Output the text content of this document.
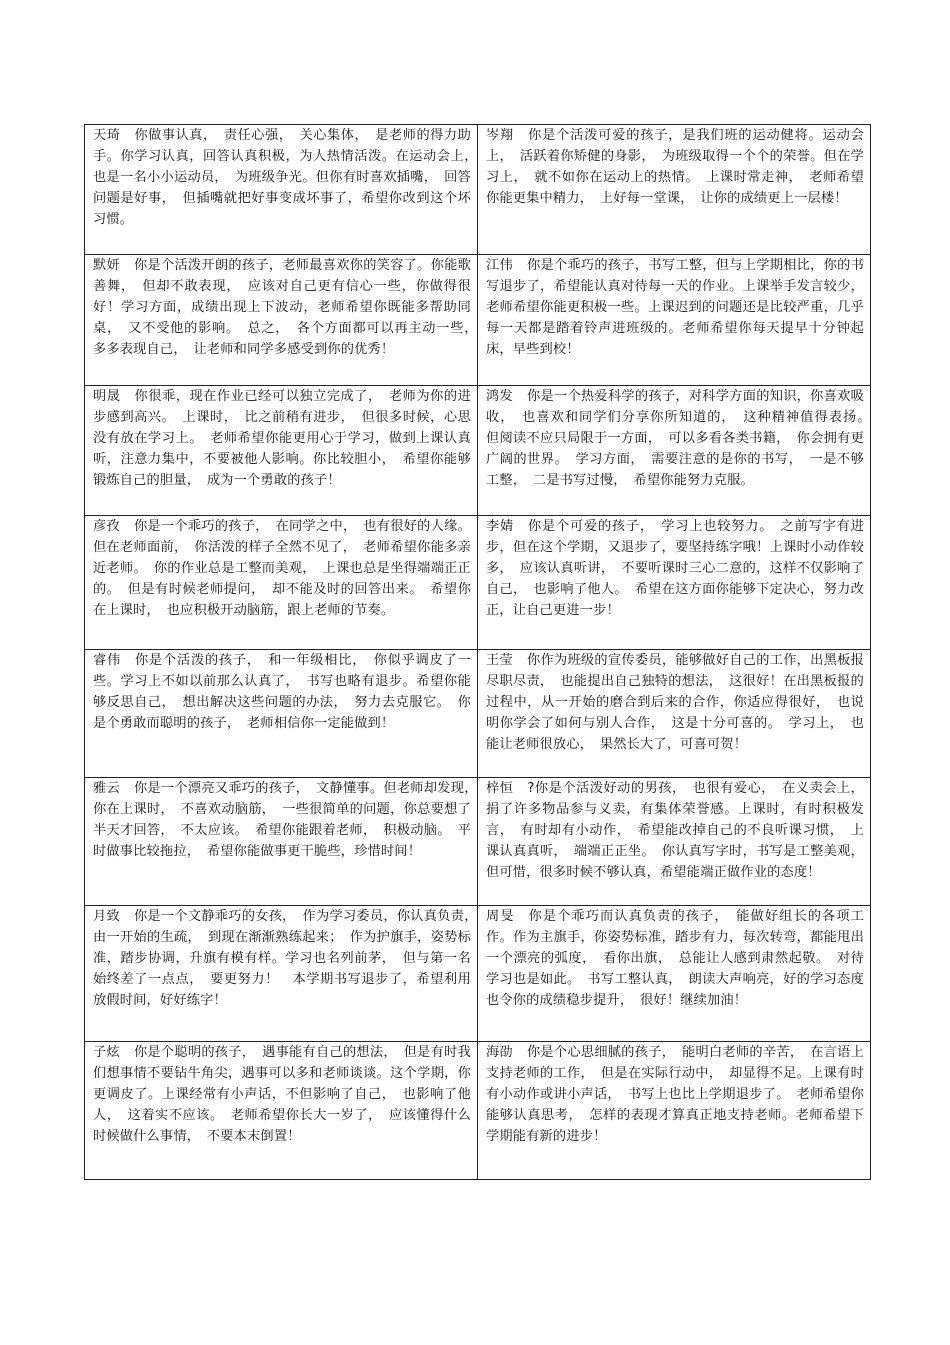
天琦 你做事认真，　责任心强，　关心集体，　是老师的得力助手。你学习认真，回答认真积极，为人热情活泼。在运动会上，　也是一名小小运动员，　为班级争光。但你有时喜欢插嘴，　回答问题是好事，　但插嘴就把好事变成坏事了，希望你改到这个坏习惯。
岑翔 你是个活泼可爱的孩子，是我们班的运动健将。运动会上，　活跃着你矫健的身影，　为班级取得一个个的荣誉。但在学习上，　就不如你在运动上的热情。　上课时常走神，　老师希望你能更集中精力，　上好每一堂课，　让你的成绩更上一层楼！
默妍 你是个活泼开朗的孩子，老师最喜欢你的笑容了。你能歌善舞，　但却不敢表现，　应该对自己更有信心一些，你做得很好！学习方面，成绩出现上下波动，老师希望你既能多帮助同桌，　又不受他的影响。　总之，　各个方面都可以再主动一些，　多多表现自己，　让老师和同学多感受到你的优秀！
江伟 你是个乖巧的孩子，书写工整，但与上学期相比，你的书写退步了，希望能认真对待每一天的作业。上课举手发言较少，老师希望你能更积极一些。上课迟到的问题还是比较严重，几乎每一天都是踏着铃声进班级的。老师希望你每天提早十分钟起床，早些到校！
明晟 你很乖，现在作业已经可以独立完成了，　老师为你的进步感到高兴。　上课时，　比之前稍有进步，　但很多时候，心思没有放在学习上。　老师希望你能更用心于学习，做到上课认真听，注意力集中，不要被他人影响。你比较胆小，　希望你能够锻炼自己的胆量，　成为一个勇敢的孩子！
鸿发 你是一个热爱科学的孩子，对科学方面的知识，你喜欢吸收，　也喜欢和同学们分享你所知道的，　这种精神值得表扬。　但阅读不应只局限于一方面，　可以多看各类书籍，　你会拥有更广阔的世界。　学习方面，　需要注意的是你的书写，　一是不够工整，　二是书写过慢，　希望你能努力克服。
彦孜 你是一个乖巧的孩子，　在同学之中，　也有很好的人缘。但在老师面前，　你活泼的样子全然不见了，　老师希望你能多亲近老师。　你的作业总是工整而美观，　上课也总是坐得端端正正的。　但是有时候老师提问，　却不能及时的回答出来。　希望你在上课时，　也应积极开动脑筋，跟上老师的节奏。
李婧 你是个可爱的孩子，　学习上也较努力。　之前写字有进步，但在这个学期，又退步了，要坚持练字哦！上课时小动作较多，　应该认真听讲，　不要听课时三心二意的，这样不仅影响了自己，　也影响了他人。　希望在这方面你能够下定决心，努力改正，让自己更进一步！
睿伟 你是个活泼的孩子，　和一年级相比，　你似乎调皮了一些。学习上不如以前那么认真了，　书写也略有退步。希望你能够反思自己，　想出解决这些问题的办法，　努力去克服它。　你是个勇敢而聪明的孩子，　老师相信你一定能做到！
王莹 你作为班级的宣传委员，能够做好自己的工作，出黑板报尽职尽责，　也能提出自己独特的想法，　这很好！在出黑板报的过程中，从一开始的磨合到后来的合作，你适应得很好，　也说明你学会了如何与别人合作，　这是十分可喜的。　学习上，　也能让老师很放心，　果然长大了，可喜可贺！
雅云 你是一个漂亮又乖巧的孩子，　文静懂事。但老师却发现，　你在上课时，　不喜欢动脑筋，　一些很简单的问题，你总要想了半天才回答，　不太应该。　希望你能跟着老师，　积极动脑。　平时做事比较拖拉，　希望你能做事更干脆些，珍惜时间！
梓恒 ?你是个活泼好动的男孩，　也很有爱心，　在义卖会上，捐了许多物品参与义卖，有集体荣誉感。上课时，有时积极发言，　有时却有小动作，　希望能改掉自己的不良听课习惯，　上课认真真听，　端端正正坐。　你认真写字时，书写是工整美观，但可惜，很多时候不够认真，希望能端正做作业的态度！
月致 你是一个文静乖巧的女孩，　作为学习委员，你认真负责，　由一开始的生疏，　到现在渐渐熟练起来；　作为护旗手，姿势标准，踏步协调，升旗有模有样。学习也名列前茅，　但与第一名始终差了一点点，　要更努力！　本学期书写退步了，希望利用放假时间，好好练字！
周旻 你是个乖巧而认真负责的孩子，　能做好组长的各项工作。作为主旗手，你姿势标准，踏步有力，每次转弯，都能甩出一个漂亮的弧度，　看你出旗，　总能让人感到肃然起敬。　对待学习也是如此。　书写工整认真，　朗读大声响亮，好的学习态度也令你的成绩稳步提升，　很好！继续加油！
子炫 你是个聪明的孩子，　遇事能有自己的想法，　但是有时我们想事情不要钻牛角尖，遇事可以多和老师谈谈。这个学期，你更调皮了。上课经常有小声话，不但影响了自己，　也影响了他人，　这着实不应该。　老师希望你长大一岁了，　应该懂得什么时候做什么事情，　不要本末倒置！
海劭 你是个心思细腻的孩子，　能明白老师的辛苦，　在言语上支持老师的工作，　但是在实际行动中，　却显得不足。上课有时有小动作或讲小声话，　书写上也比上学期退步了。　老师希望你能够认真思考，　怎样的表现才算真正地支持老师。老师希望下学期能有新的进步！
